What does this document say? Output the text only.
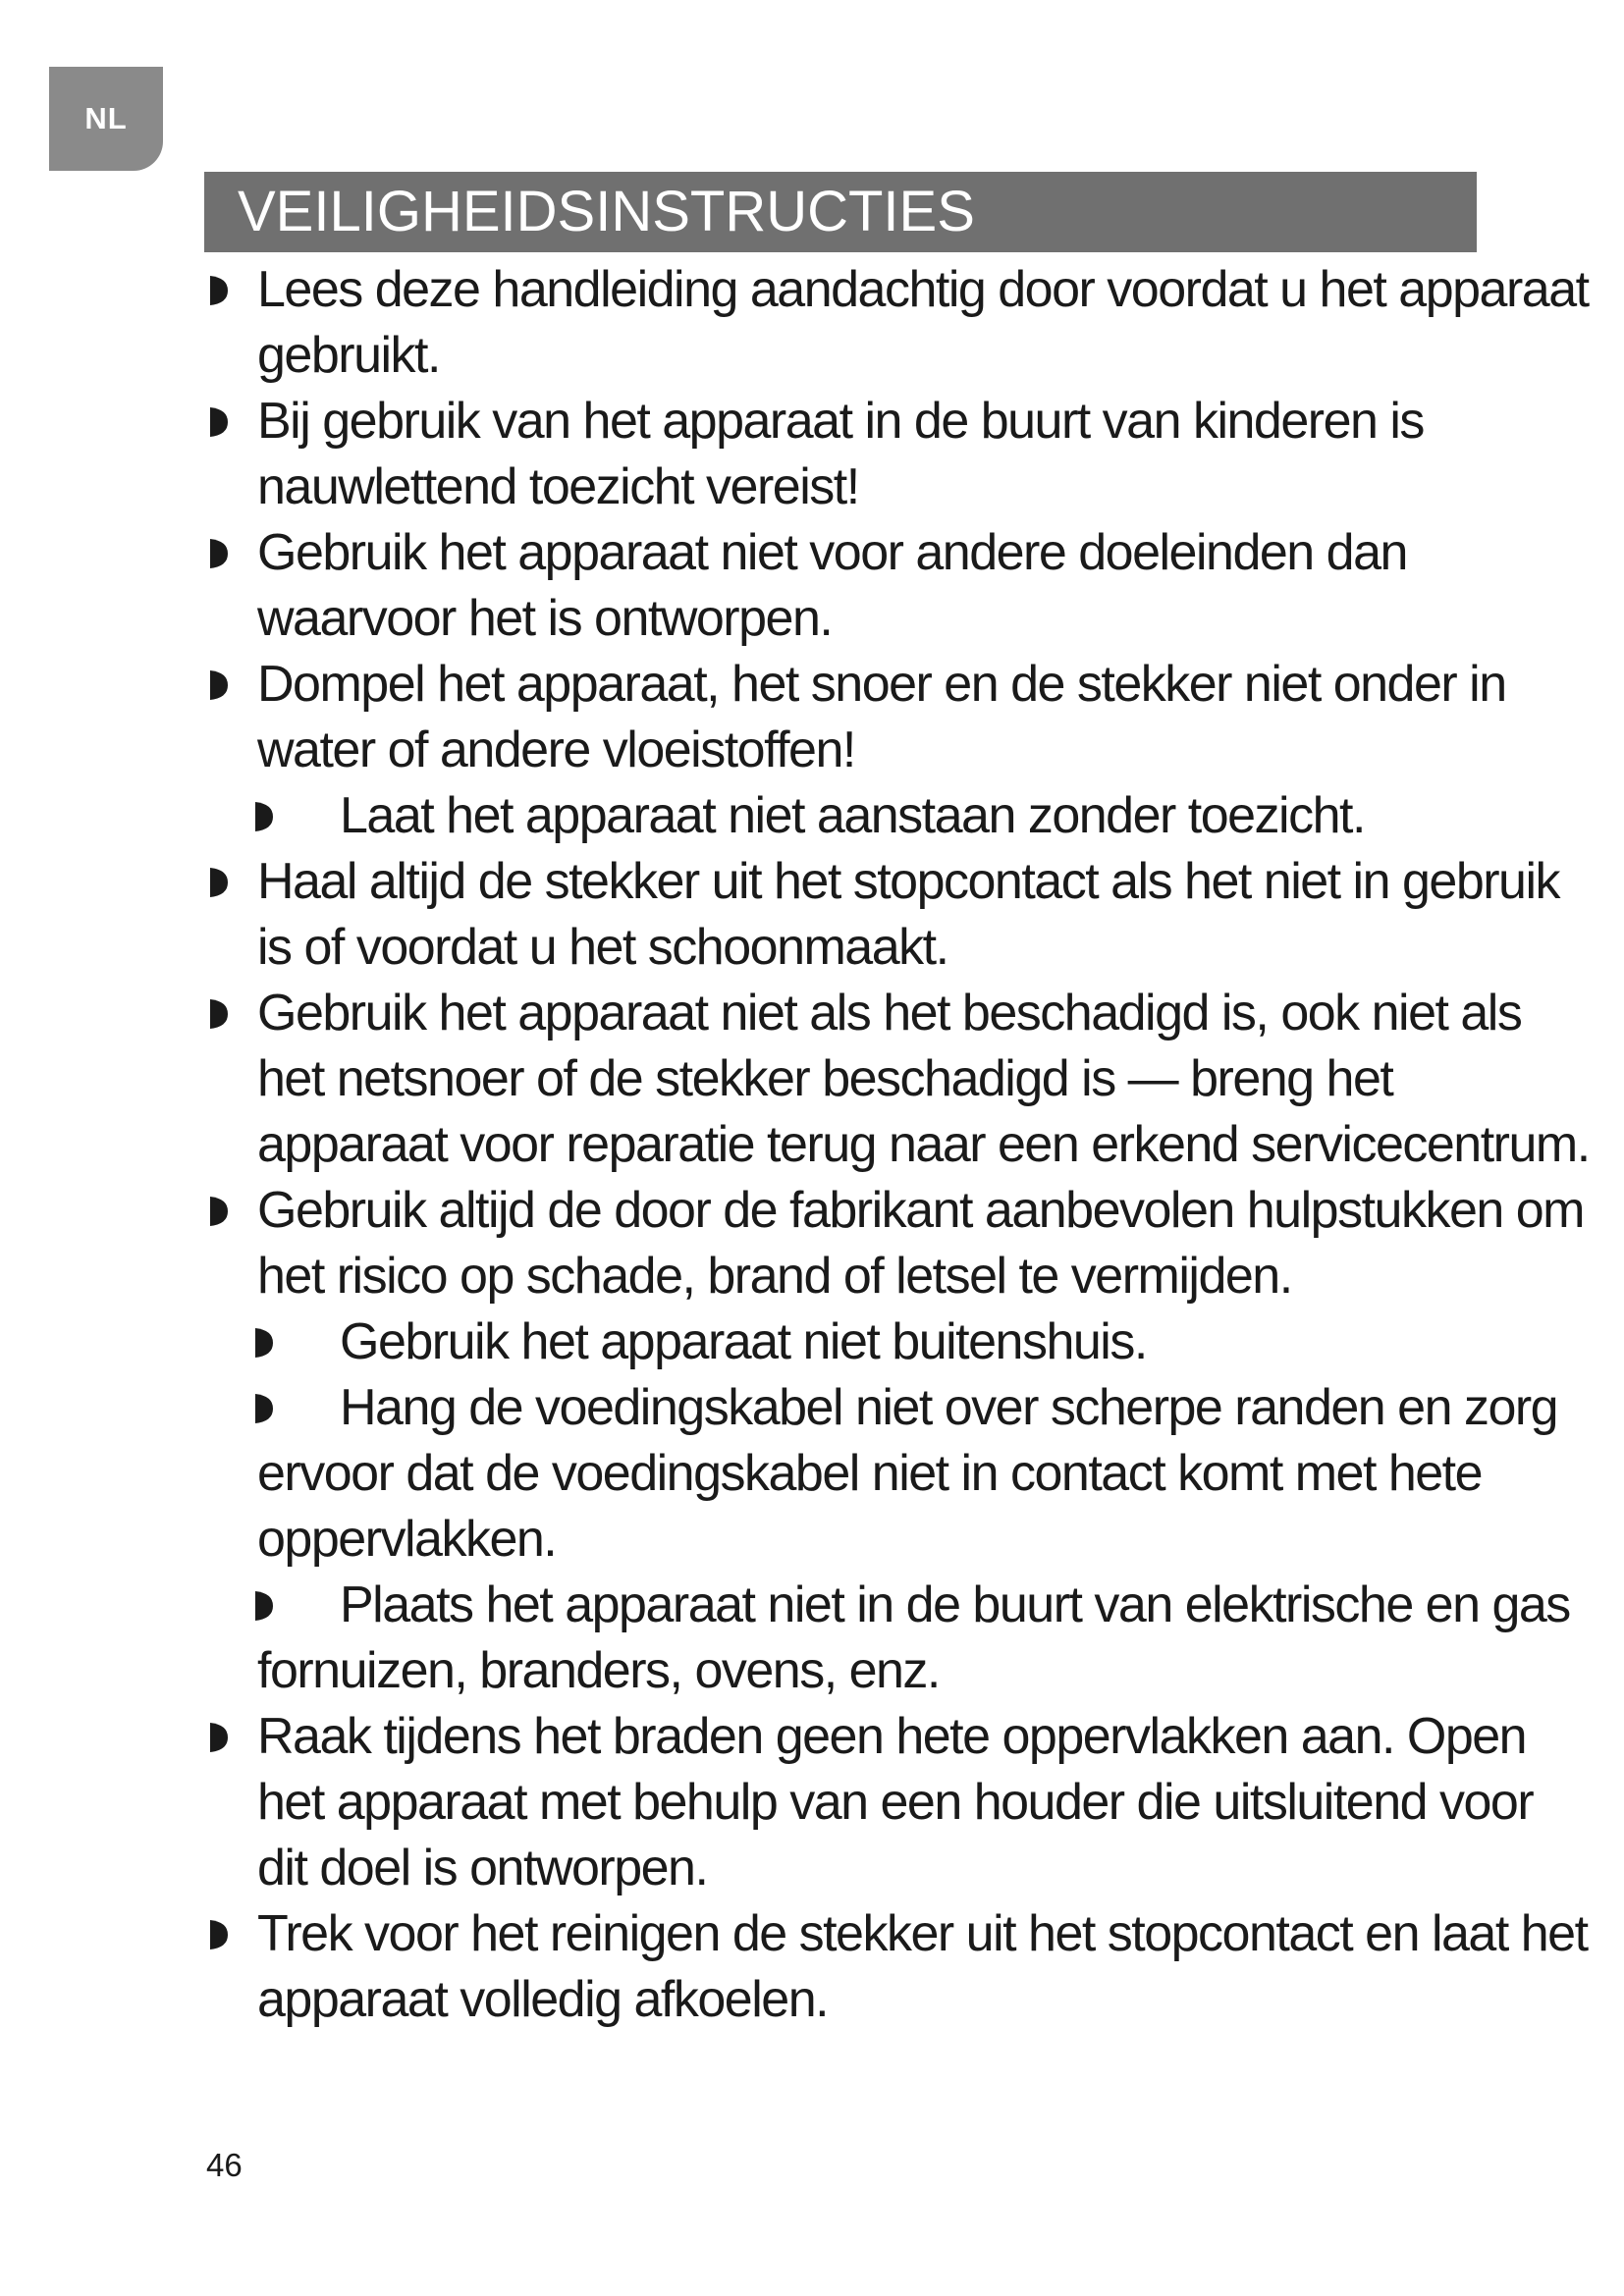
NL
VEILIGHEIDSINSTRUCTIES
Lees deze handleiding aandachtig door voordat u het apparaat gebruikt.
Bij gebruik van het apparaat in de buurt van kinderen is nauwlettend toezicht vereist!
Gebruik het apparaat niet voor andere doeleinden dan waarvoor het is ontworpen.
Dompel het apparaat, het snoer en de stekker niet onder in water of andere vloeistoffen!
Laat het apparaat niet aanstaan zonder toezicht.
Haal altijd de stekker uit het stopcontact als het niet in gebruik is of voordat u het schoonmaakt.
Gebruik het apparaat niet als het beschadigd is, ook niet als het netsnoer of de stekker beschadigd is — breng het apparaat voor reparatie terug naar een erkend servicecentrum.
Gebruik altijd de door de fabrikant aanbevolen hulpstukken om het risico op schade, brand of letsel te vermijden.
Gebruik het apparaat niet buitenshuis.
Hang de voedingskabel niet over scherpe randen en zorg ervoor dat de voedingskabel niet in contact komt met hete oppervlakken.
Plaats het apparaat niet in de buurt van elektrische en gas fornuizen, branders, ovens, enz.
Raak tijdens het braden geen hete oppervlakken aan. Open het apparaat met behulp van een houder die uitsluitend voor dit doel is ontworpen.
Trek voor het reinigen de stekker uit het stopcontact en laat het apparaat volledig afkoelen.
46
